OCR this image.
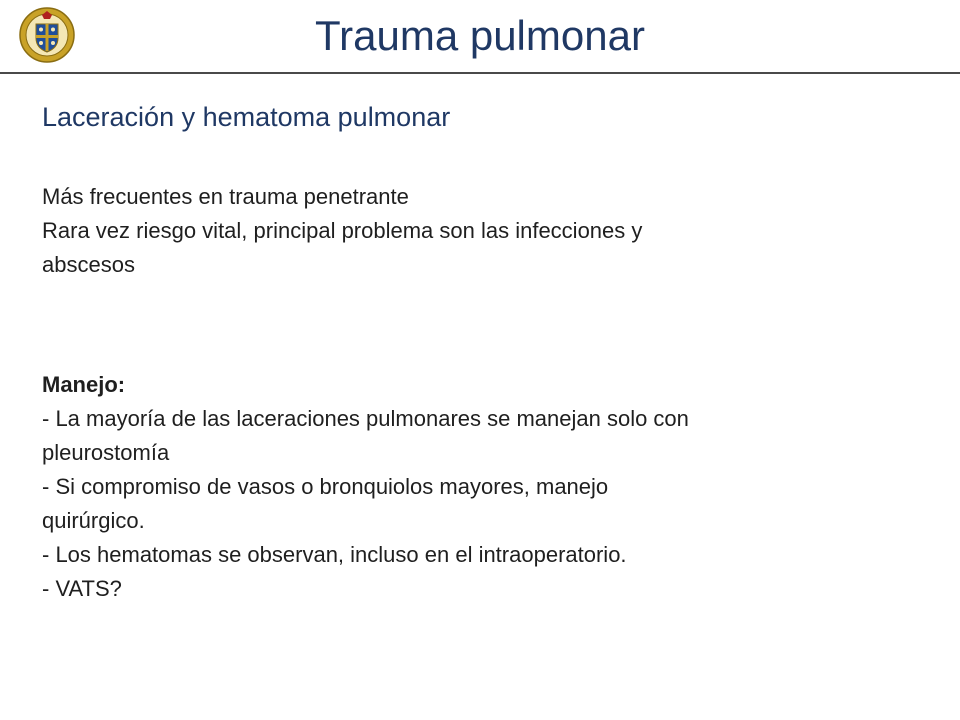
Trauma pulmonar
Laceración y hematoma pulmonar
Más frecuentes en trauma penetrante
Rara vez riesgo vital, principal problema son las infecciones y
abscesos
Manejo:
- La mayoría de las laceraciones pulmonares se manejan solo con
pleurostomía
- Si compromiso de vasos o bronquiolos mayores, manejo
quirúrgico.
- Los hematomas se observan, incluso en el intraoperatorio.
- VATS?
